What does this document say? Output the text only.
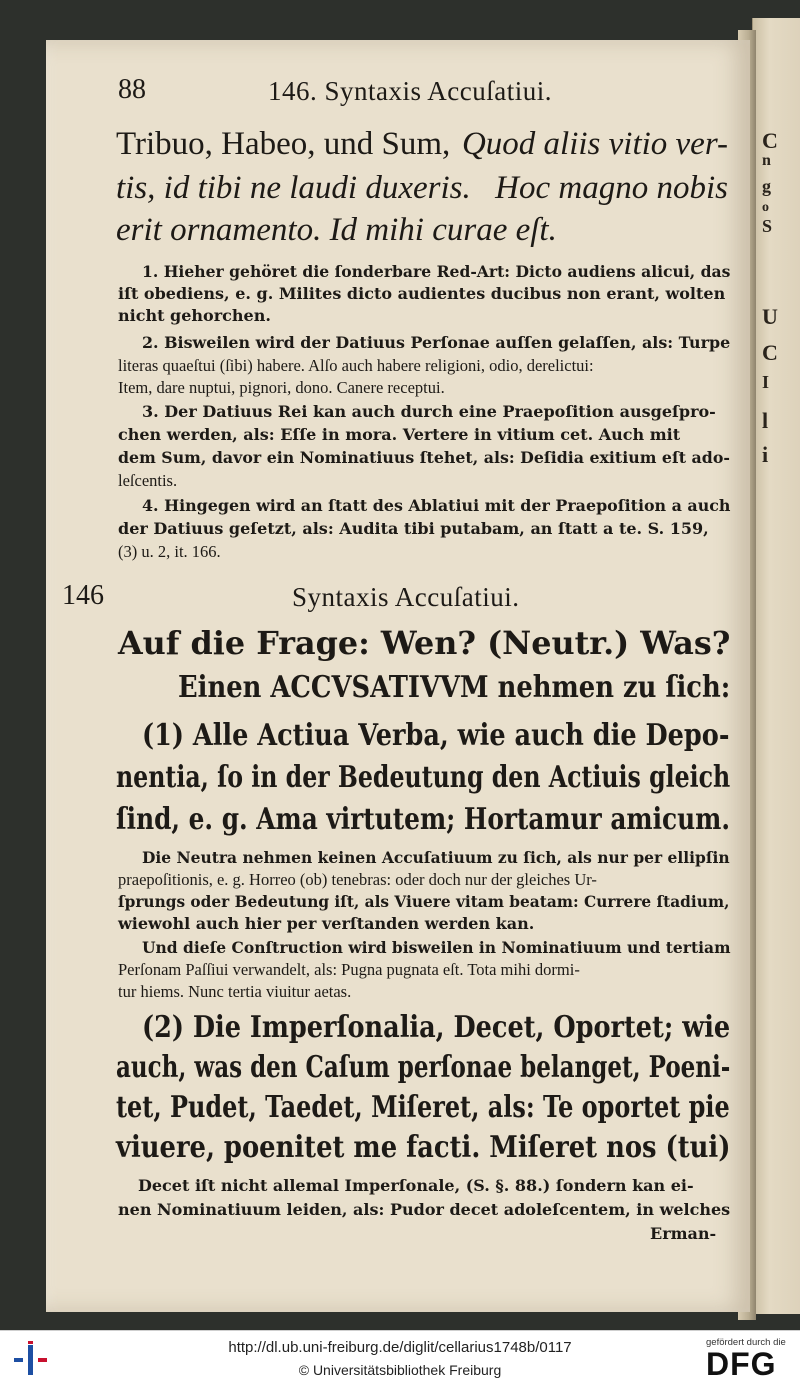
C
n
g
o
S
U
C
I
l
i
88	146. Syntaxis Accuſatiui.
Tribuo, Habeo, und Sum, Quod aliis vitio ver-
tis, id tibi ne laudi duxeris. Hoc magno nobis
erit ornamento. Id mihi curae eſt.
1. Hieher gehöret die ſonderbare Red-Art: Dicto audiens alicui, das
iſt obediens, e. g. Milites dicto audientes ducibus non erant, wolten
nicht gehorchen.
2. Bisweilen wird der Datiuus Perſonae auſſen gelaſſen, als: Turpe
literas quaeſtui (ſibi) habere. Alſo auch habere religioni, odio, derelictui:
Item, dare nuptui, pignori, dono. Canere receptui.
3. Der Datiuus Rei kan auch durch eine Praepoſition ausgeſpro-
chen werden, als: Eſſe in mora. Vertere in vitium cet. Auch mit
dem Sum, davor ein Nominatiuus ſtehet, als: Deſidia exitium eſt ado-
leſcentis.
4. Hingegen wird an ſtatt des Ablatiui mit der Praepoſition a auch
der Datiuus geſetzt, als: Audita tibi putabam, an ſtatt a te. S. 159,
(3) u. 2, it. 166.
146	Syntaxis Accuſatiui.
Auf die Frage: Wen? (Neutr.) Was?
Einen ACCVSATIVVM nehmen zu ſich:
(1) Alle Actiua Verba, wie auch die Depo-
nentia, ſo in der Bedeutung den Actiuis gleich
ſind, e. g. Ama virtutem; Hortamur amicum.
Die Neutra nehmen keinen Accuſatiuum zu ſich, als nur per ellipſin
praepoſitionis, e. g. Horreo (ob) tenebras: oder doch nur der gleiches Ur-
ſprungs oder Bedeutung iſt, als Viuere vitam beatam: Currere ſtadium,
wiewohl auch hier per verſtanden werden kan.
Und dieſe Conſtruction wird bisweilen in Nominatiuum und tertiam
Perſonam Paſſiui verwandelt, als: Pugna pugnata eſt. Tota mihi dormi-
tur hiems. Nunc tertia viuitur aetas.
(2) Die Imperſonalia, Decet, Oportet; wie
auch, was den Caſum perſonae belanget, Poeni-
tet, Pudet, Taedet, Miſeret, als: Te oportet pie
viuere, poenitet me facti. Miſeret nos (tui)
Decet iſt nicht allemal Imperſonale, (S. §. 88.) ſondern kan ei-
nen Nominatiuum leiden, als: Pudor decet adoleſcentem, in welches
Erman-
http://dl.ub.uni-freiburg.de/diglit/cellarius1748b/0117
© Universitätsbibliothek Freiburg
gefördert durch die
DFG
